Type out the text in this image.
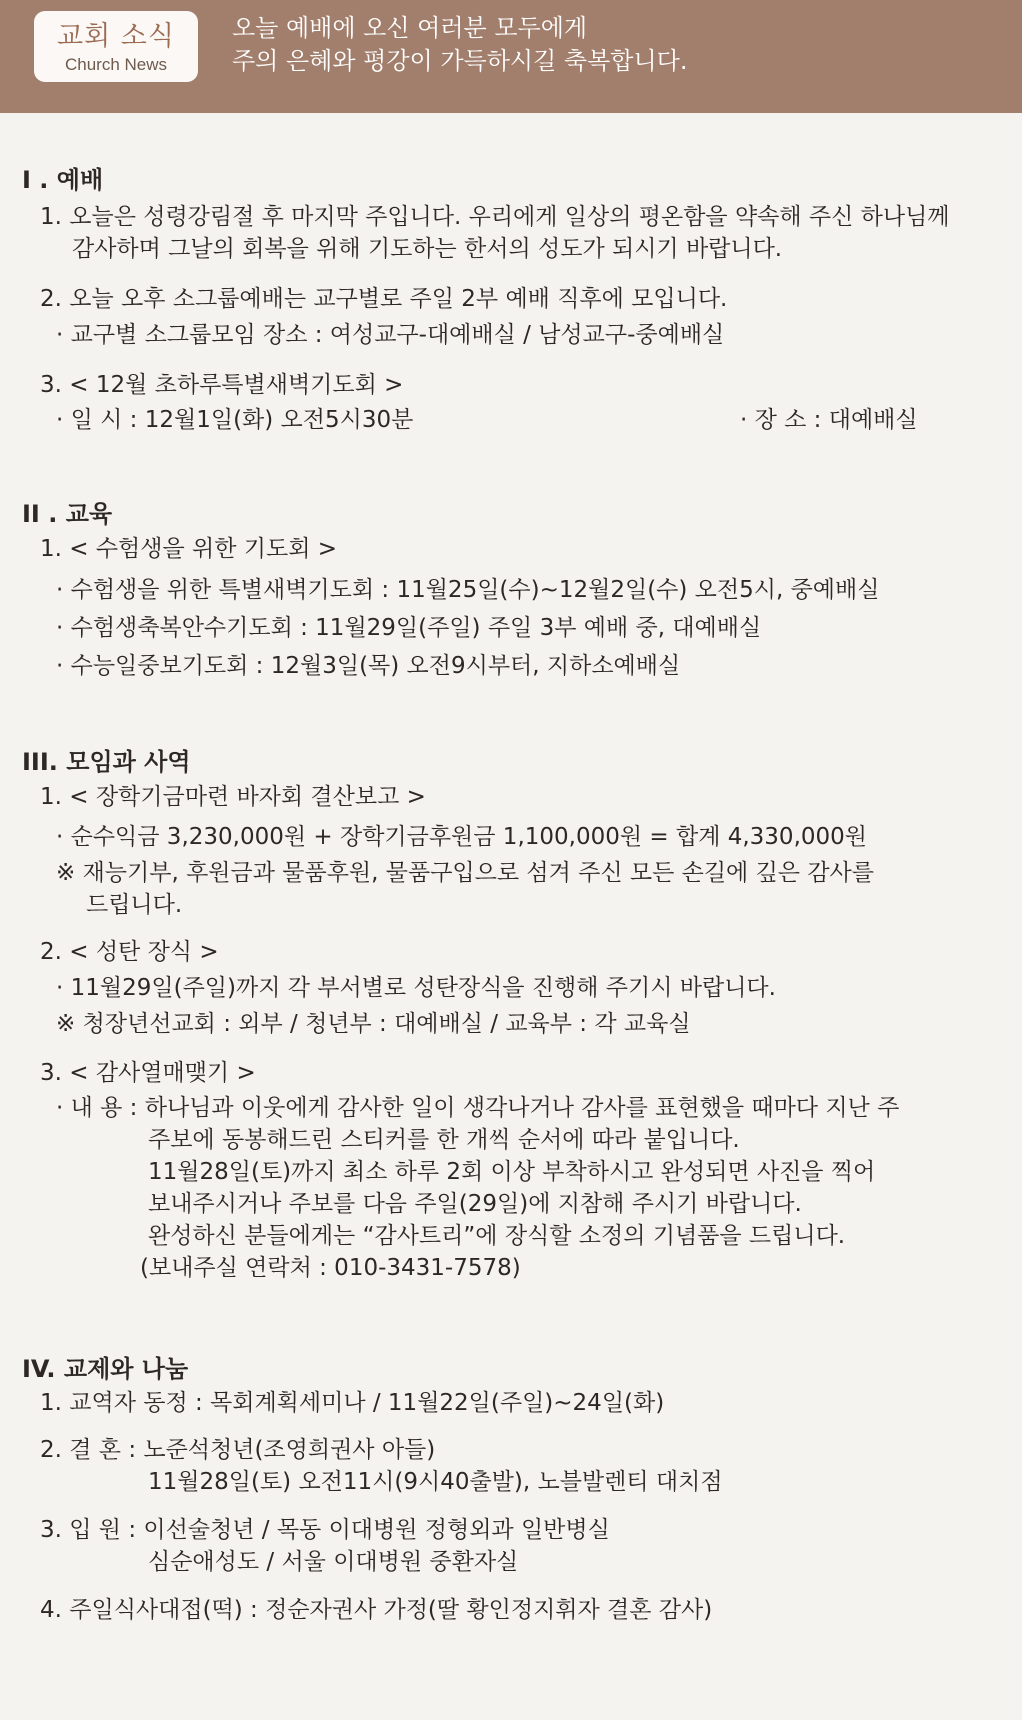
교회 소식
Church News
오늘 예배에 오신 여러분 모두에게
주의 은혜와 평강이 가득하시길 축복합니다.
I . 예배
1. 오늘은 성령강림절 후 마지막 주입니다. 우리에게 일상의 평온함을 약속해 주신 하나님께
감사하며 그날의 회복을 위해 기도하는 한서의 성도가 되시기 바랍니다.
2. 오늘 오후 소그룹예배는 교구별로 주일 2부 예배 직후에 모입니다.
· 교구별 소그룹모임 장소 : 여성교구-대예배실 / 남성교구-중예배실
3. < 12월 초하루특별새벽기도회 >
· 일 시 : 12월1일(화) 오전5시30분	· 장 소 : 대예배실
II . 교육
1. < 수험생을 위한 기도회 >
· 수험생을 위한 특별새벽기도회 : 11월25일(수)~12월2일(수) 오전5시, 중예배실
· 수험생축복안수기도회 : 11월29일(주일) 주일 3부 예배 중, 대예배실
· 수능일중보기도회 : 12월3일(목) 오전9시부터, 지하소예배실
III. 모임과 사역
1. < 장학기금마련 바자회 결산보고 >
· 순수익금 3,230,000원 + 장학기금후원금 1,100,000원 = 합계 4,330,000원
※ 재능기부, 후원금과 물품후원, 물품구입으로 섬겨 주신 모든 손길에 깊은 감사를
드립니다.
2. < 성탄 장식 >
· 11월29일(주일)까지 각 부서별로 성탄장식을 진행해 주기시 바랍니다.
※ 청장년선교회 : 외부 / 청년부 : 대예배실 / 교육부 : 각 교육실
3. < 감사열매맺기 >
· 내 용 : 하나님과 이웃에게 감사한 일이 생각나거나 감사를 표현했을 때마다 지난 주
주보에 동봉해드린 스티커를 한 개씩 순서에 따라 붙입니다.
11월28일(토)까지 최소 하루 2회 이상 부착하시고 완성되면 사진을 찍어
보내주시거나 주보를 다음 주일(29일)에 지참해 주시기 바랍니다.
완성하신 분들에게는 “감사트리”에 장식할 소정의 기념품을 드립니다.
(보내주실 연락처 : 010-3431-7578)
IV. 교제와 나눔
1. 교역자 동정 : 목회계획세미나 / 11월22일(주일)~24일(화)
2. 결 혼 : 노준석청년(조영희권사 아들)
11월28일(토) 오전11시(9시40출발), 노블발렌티 대치점
3. 입 원 : 이선술청년 / 목동 이대병원 정형외과 일반병실
심순애성도 / 서울 이대병원 중환자실
4. 주일식사대접(떡) : 정순자권사 가정(딸 황인정지휘자 결혼 감사)
